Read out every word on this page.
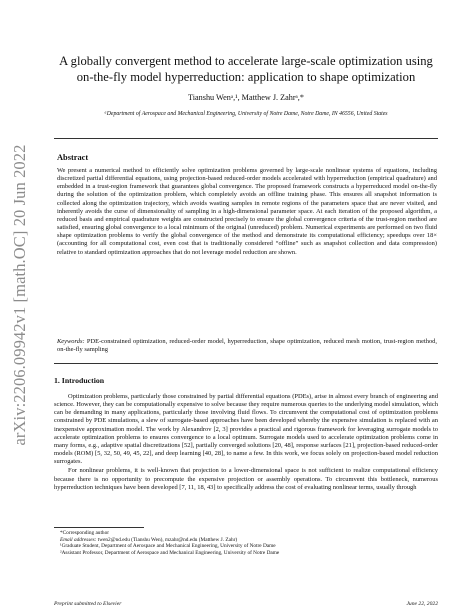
arXiv:2206.09942v1 [math.OC] 20 Jun 2022
A globally convergent method to accelerate large-scale optimization using
on-the-fly model hyperreduction: application to shape optimization
Tianshu Wenᵃ,¹, Matthew J. Zahrᵃ,*
ᵃDepartment of Aerospace and Mechanical Engineering, University of Notre Dame, Notre Dame, IN 46556, United States
Abstract

We present a numerical method to efficiently solve optimization problems governed by large-scale nonlinear systems of equations, including discretized partial differential equations, using projection-based reduced-order models accelerated with hyperreduction (empirical quadrature) and embedded in a trust-region framework that guarantees global convergence. The proposed framework constructs a hyperreduced model on-the-fly during the solution of the optimization problem, which completely avoids an offline training phase. This ensures all snapshot information is collected along the optimization trajectory, which avoids wasting samples in remote regions of the parameters space that are never visited, and inherently avoids the curse of dimensionality of sampling in a high-dimensional parameter space. At each iteration of the proposed algorithm, a reduced basis and empirical quadrature weights are constructed precisely to ensure the global convergence criteria of the trust-region method are satisfied, ensuring global convergence to a local minimum of the original (unreduced) problem. Numerical experiments are performed on two fluid shape optimization problems to verify the global convergence of the method and demonstrate its computational efficiency; speedups over 18× (accounting for all computational cost, even cost that is traditionally considered “offline” such as snapshot collection and data compression) relative to standard optimization approaches that do not leverage model reduction are shown.

Keywords: PDE-constrained optimization, reduced-order model, hyperreduction, shape optimization, reduced mesh motion, trust-region method, on-the-fly sampling

1. Introduction

Optimization problems, particularly those constrained by partial differential equations (PDEs), arise in almost every branch of engineering and science. However, they can be computationally expensive to solve because they require numerous queries to the underlying model simulation, which can be demanding in many applications, particularly those involving fluid flows. To circumvent the computational cost of optimization problems constrained by PDE simulations, a slew of surrogate-based approaches have been developed whereby the expensive simulation is replaced with an inexpensive approximation model. The work by Alexandrov [2, 3] provides a practical and rigorous framework for leveraging surrogate models to accelerate optimization problems to ensures convergence to a local optimum. Surrogate models used to accelerate optimization problems come in many forms, e.g., adaptive spatial discretizations [52], partially converged solutions [20, 48], response surfaces [21], projection-based reduced-order models (ROM) [5, 32, 50, 49, 45, 22], and deep learning [40, 28], to name a few. In this work, we focus solely on projection-based model reduction surrogates.

For nonlinear problems, it is well-known that projection to a lower-dimensional space is not sufficient to realize computational efficiency because there is no opportunity to precompute the expensive projection or assembly operations. To circumvent this bottleneck, numerous hyperreduction techniques have been developed [7, 11, 18, 43] to specifically address the cost of evaluating nonlinear terms, usually through

*Corresponding author
Email addresses: twen2@nd.edu (Tianshu Wen), mzahr@nd.edu (Matthew J. Zahr)
¹Graduate Student, Department of Aerospace and Mechanical Engineering, University of Notre Dame
²Assistant Professor, Department of Aerospace and Mechanical Engineering, University of Notre Dame
Preprint submitted to Elsevier	June 22, 2022
